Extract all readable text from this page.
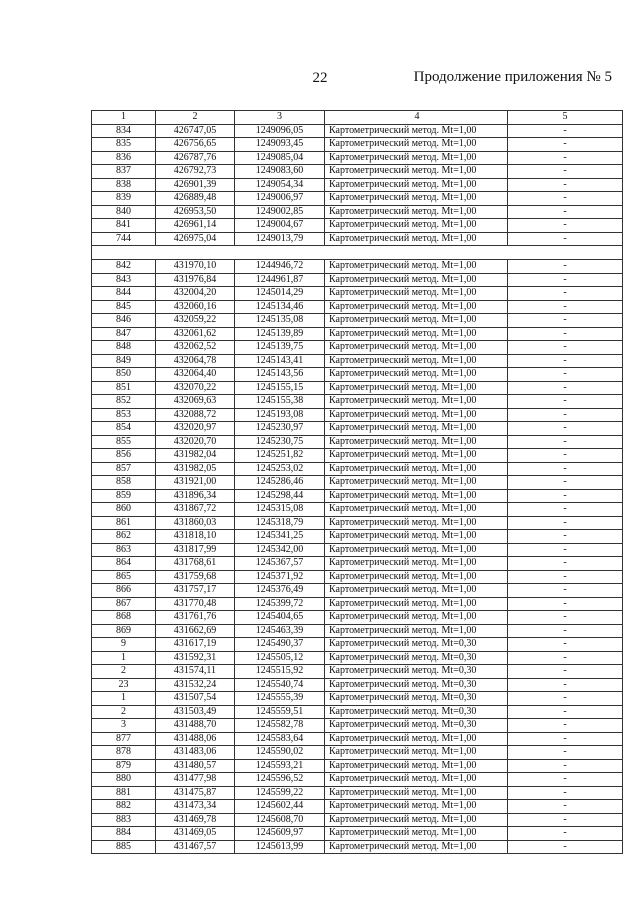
22	Продолжение приложения № 5
1	2	3	4	5
834	426747,05	1249096,05	Картометрический метод. Mt=1,00	-
835	426756,65	1249093,45	Картометрический метод. Mt=1,00	-
836	426787,76	1249085,04	Картометрический метод. Mt=1,00	-
837	426792,73	1249083,60	Картометрический метод. Mt=1,00	-
838	426901,39	1249054,34	Картометрический метод. Mt=1,00	-
839	426889,48	1249006,97	Картометрический метод. Mt=1,00	-
840	426953,50	1249002,85	Картометрический метод. Mt=1,00	-
841	426961,14	1249004,67	Картометрический метод. Mt=1,00	-
744	426975,04	1249013,79	Картометрический метод. Mt=1,00	-

842	431970,10	1244946,72	Картометрический метод. Mt=1,00	-
843	431976,84	1244961,87	Картометрический метод. Mt=1,00	-
844	432004,20	1245014,29	Картометрический метод. Mt=1,00	-
845	432060,16	1245134,46	Картометрический метод. Mt=1,00	-
846	432059,22	1245135,08	Картометрический метод. Mt=1,00	-
847	432061,62	1245139,89	Картометрический метод. Mt=1,00	-
848	432062,52	1245139,75	Картометрический метод. Mt=1,00	-
849	432064,78	1245143,41	Картометрический метод. Mt=1,00	-
850	432064,40	1245143,56	Картометрический метод. Mt=1,00	-
851	432070,22	1245155,15	Картометрический метод. Mt=1,00	-
852	432069,63	1245155,38	Картометрический метод. Mt=1,00	-
853	432088,72	1245193,08	Картометрический метод. Mt=1,00	-
854	432020,97	1245230,97	Картометрический метод. Mt=1,00	-
855	432020,70	1245230,75	Картометрический метод. Mt=1,00	-
856	431982,04	1245251,82	Картометрический метод. Mt=1,00	-
857	431982,05	1245253,02	Картометрический метод. Mt=1,00	-
858	431921,00	1245286,46	Картометрический метод. Mt=1,00	-
859	431896,34	1245298,44	Картометрический метод. Mt=1,00	-
860	431867,72	1245315,08	Картометрический метод. Mt=1,00	-
861	431860,03	1245318,79	Картометрический метод. Mt=1,00	-
862	431818,10	1245341,25	Картометрический метод. Mt=1,00	-
863	431817,99	1245342,00	Картометрический метод. Mt=1,00	-
864	431768,61	1245367,57	Картометрический метод. Mt=1,00	-
865	431759,68	1245371,92	Картометрический метод. Mt=1,00	-
866	431757,17	1245376,49	Картометрический метод. Mt=1,00	-
867	431770,48	1245399,72	Картометрический метод. Mt=1,00	-
868	431761,76	1245404,65	Картометрический метод. Mt=1,00	-
869	431662,69	1245463,39	Картометрический метод. Mt=1,00	-
9	431617,19	1245490,37	Картометрический метод. Mt=0,30	-
1	431592,31	1245505,12	Картометрический метод. Mt=0,30	-
2	431574,11	1245515,92	Картометрический метод. Mt=0,30	-
23	431532,24	1245540,74	Картометрический метод. Mt=0,30	-
1	431507,54	1245555,39	Картометрический метод. Mt=0,30	-
2	431503,49	1245559,51	Картометрический метод. Mt=0,30	-
3	431488,70	1245582,78	Картометрический метод. Mt=0,30	-
877	431488,06	1245583,64	Картометрический метод. Mt=1,00	-
878	431483,06	1245590,02	Картометрический метод. Mt=1,00	-
879	431480,57	1245593,21	Картометрический метод. Mt=1,00	-
880	431477,98	1245596,52	Картометрический метод. Mt=1,00	-
881	431475,87	1245599,22	Картометрический метод. Mt=1,00	-
882	431473,34	1245602,44	Картометрический метод. Mt=1,00	-
883	431469,78	1245608,70	Картометрический метод. Mt=1,00	-
884	431469,05	1245609,97	Картометрический метод. Mt=1,00	-
885	431467,57	1245613,99	Картометрический метод. Mt=1,00	-
